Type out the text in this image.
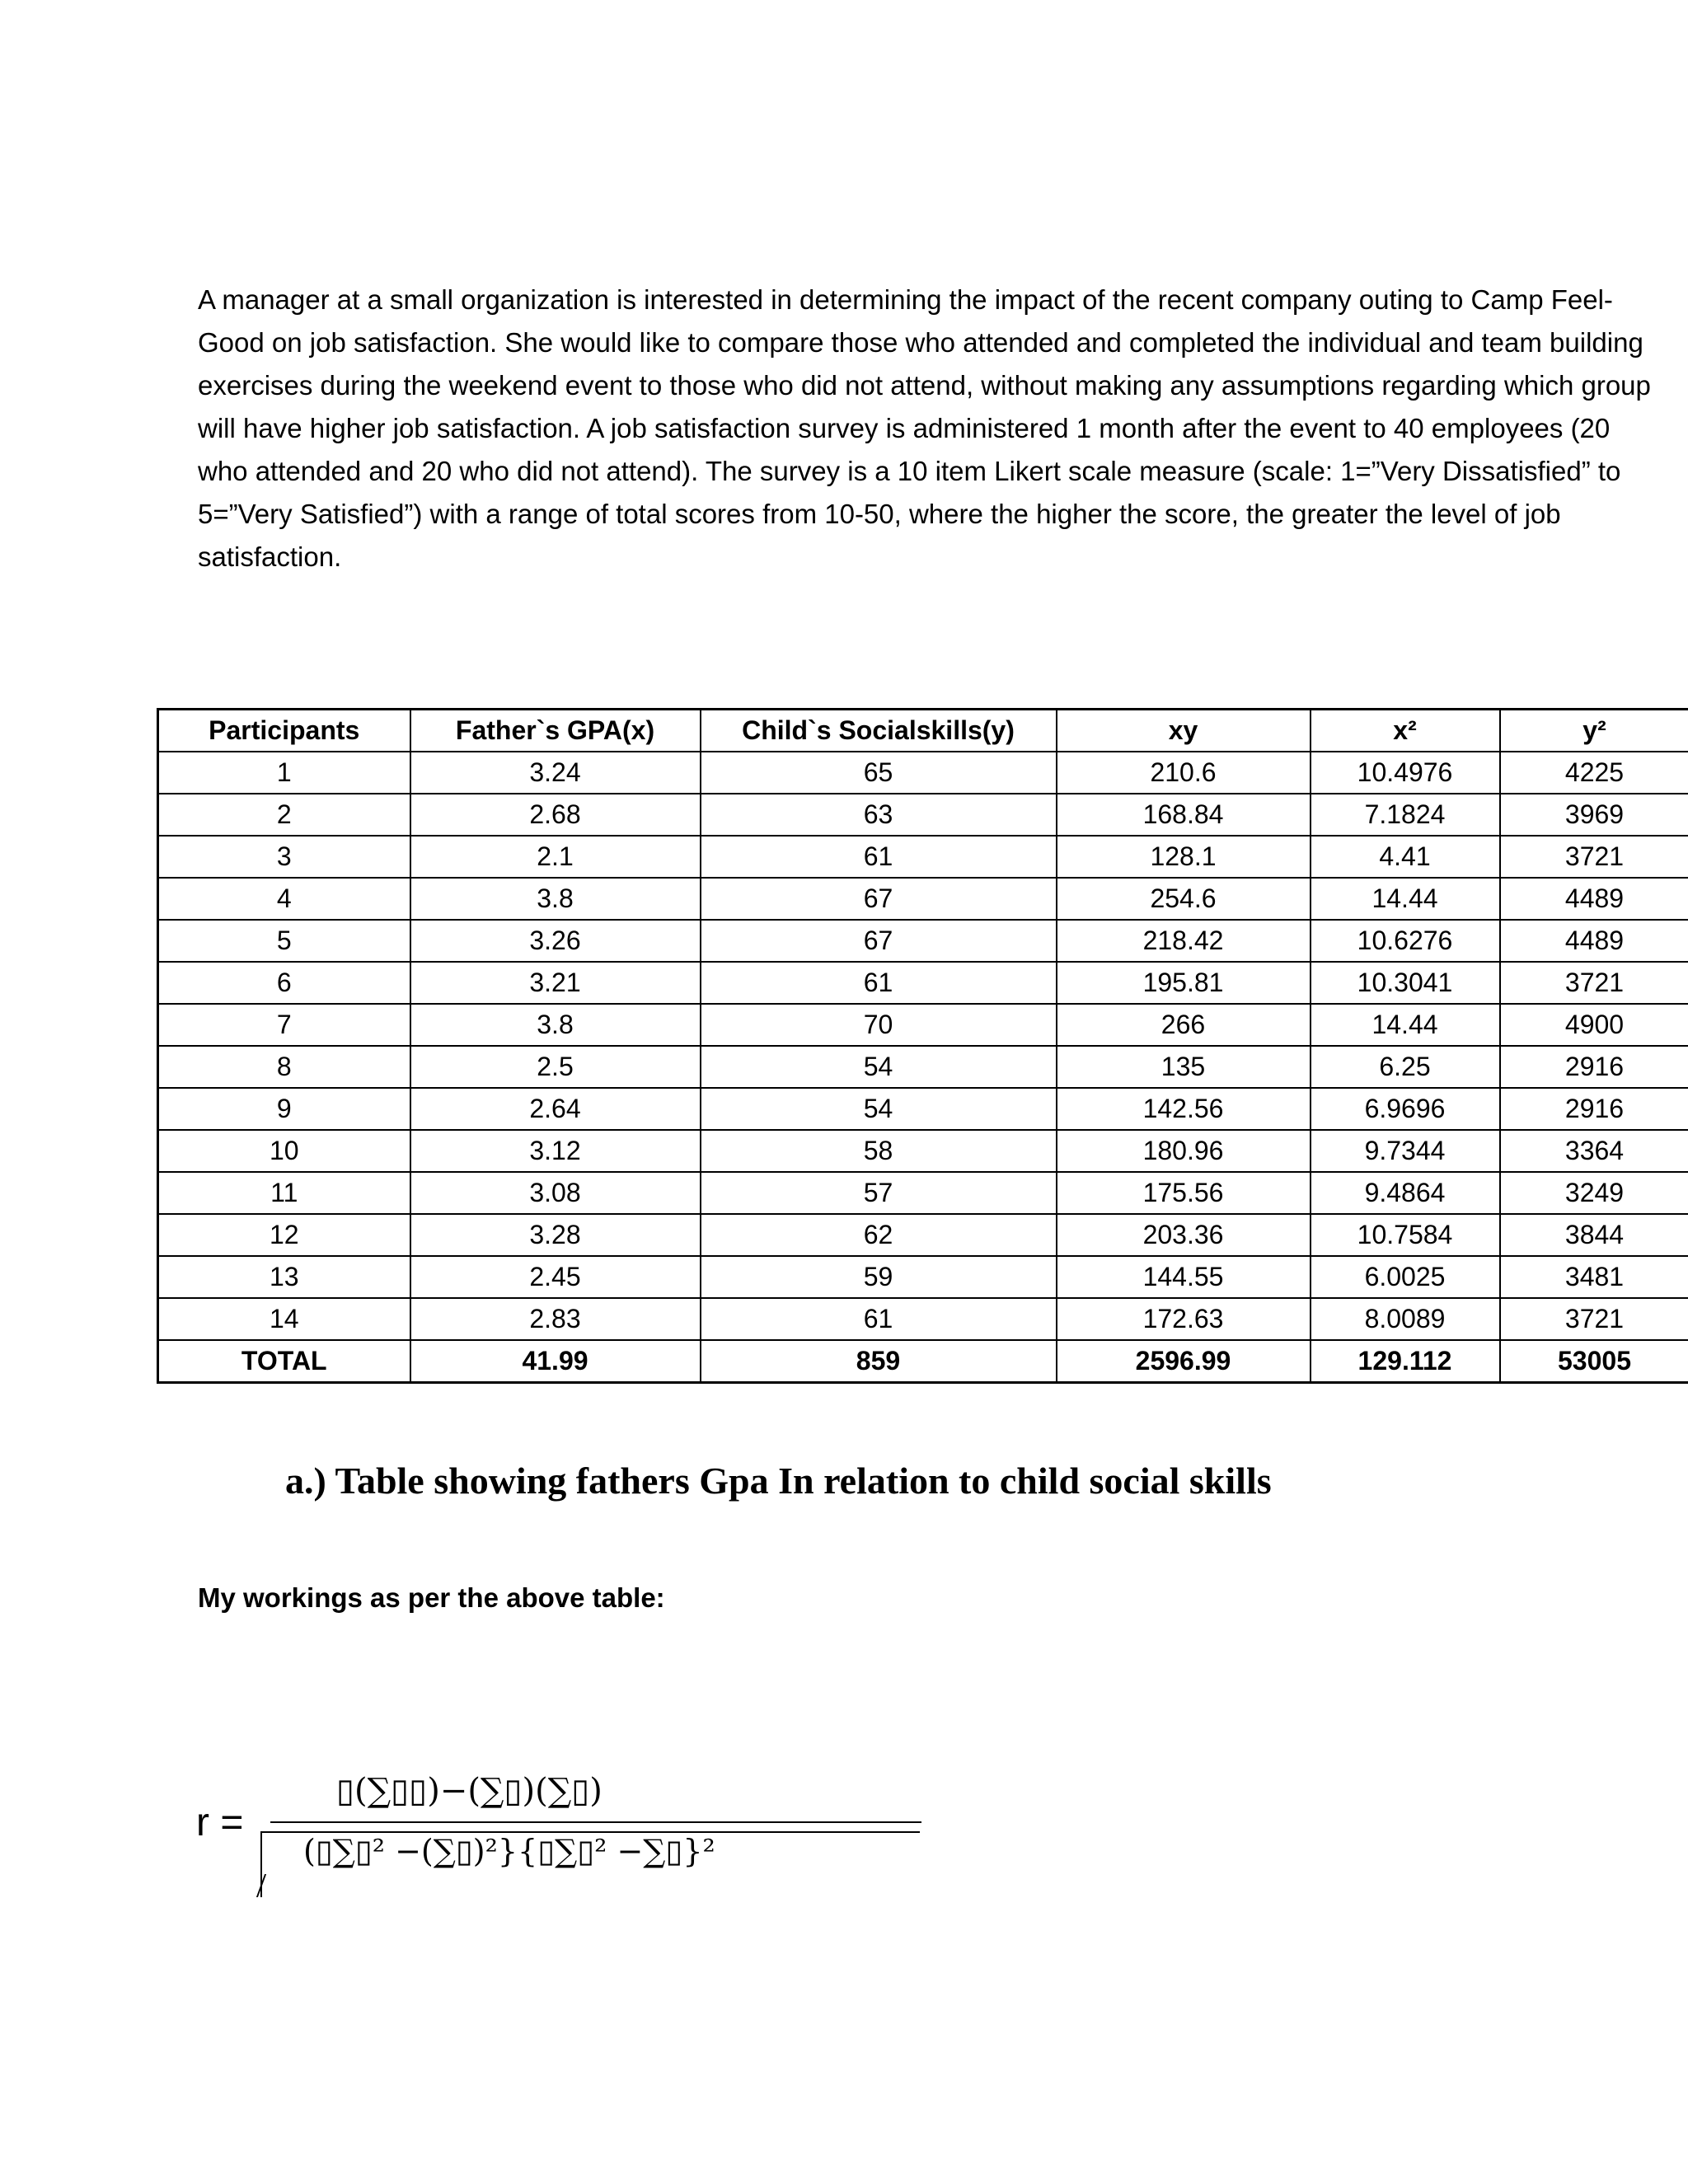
A manager at a small organization is interested in determining the impact of the recent company outing to Camp Feel-Good on job satisfaction. She would like to compare those who attended and completed the individual and team building exercises during the weekend event to those who did not attend, without making any assumptions regarding which group will have higher job satisfaction. A job satisfaction survey is administered 1 month after the event to 40 employees (20 who attended and 20 who did not attend). The survey is a 10 item Likert scale measure (scale: 1=”Very Dissatisfied” to 5=”Very Satisfied”) with a range of total scores from 10-50, where the higher the score, the greater the level of job satisfaction.

Participants	Father`s GPA(x)	Child`s Socialskills(y)	xy	x²	y²
1	3.24	65	210.6	10.4976	4225
2	2.68	63	168.84	7.1824	3969
3	2.1	61	128.1	4.41	3721
4	3.8	67	254.6	14.44	4489
5	3.26	67	218.42	10.6276	4489
6	3.21	61	195.81	10.3041	3721
7	3.8	70	266	14.44	4900
8	2.5	54	135	6.25	2916
9	2.64	54	142.56	6.9696	2916
10	3.12	58	180.96	9.7344	3364
11	3.08	57	175.56	9.4864	3249
12	3.28	62	203.36	10.7584	3844
13	2.45	59	144.55	6.0025	3481
14	2.83	61	172.63	8.0089	3721
TOTAL	41.99	859	2596.99	129.112	53005
a.) Table showing fathers Gpa In relation to child social skills

My workings as per the above table:

r =
▯(∑▯▯)−(∑▯)(∑▯)
(▯∑▯² −(∑▯)²}{▯∑▯² −∑▯}²
